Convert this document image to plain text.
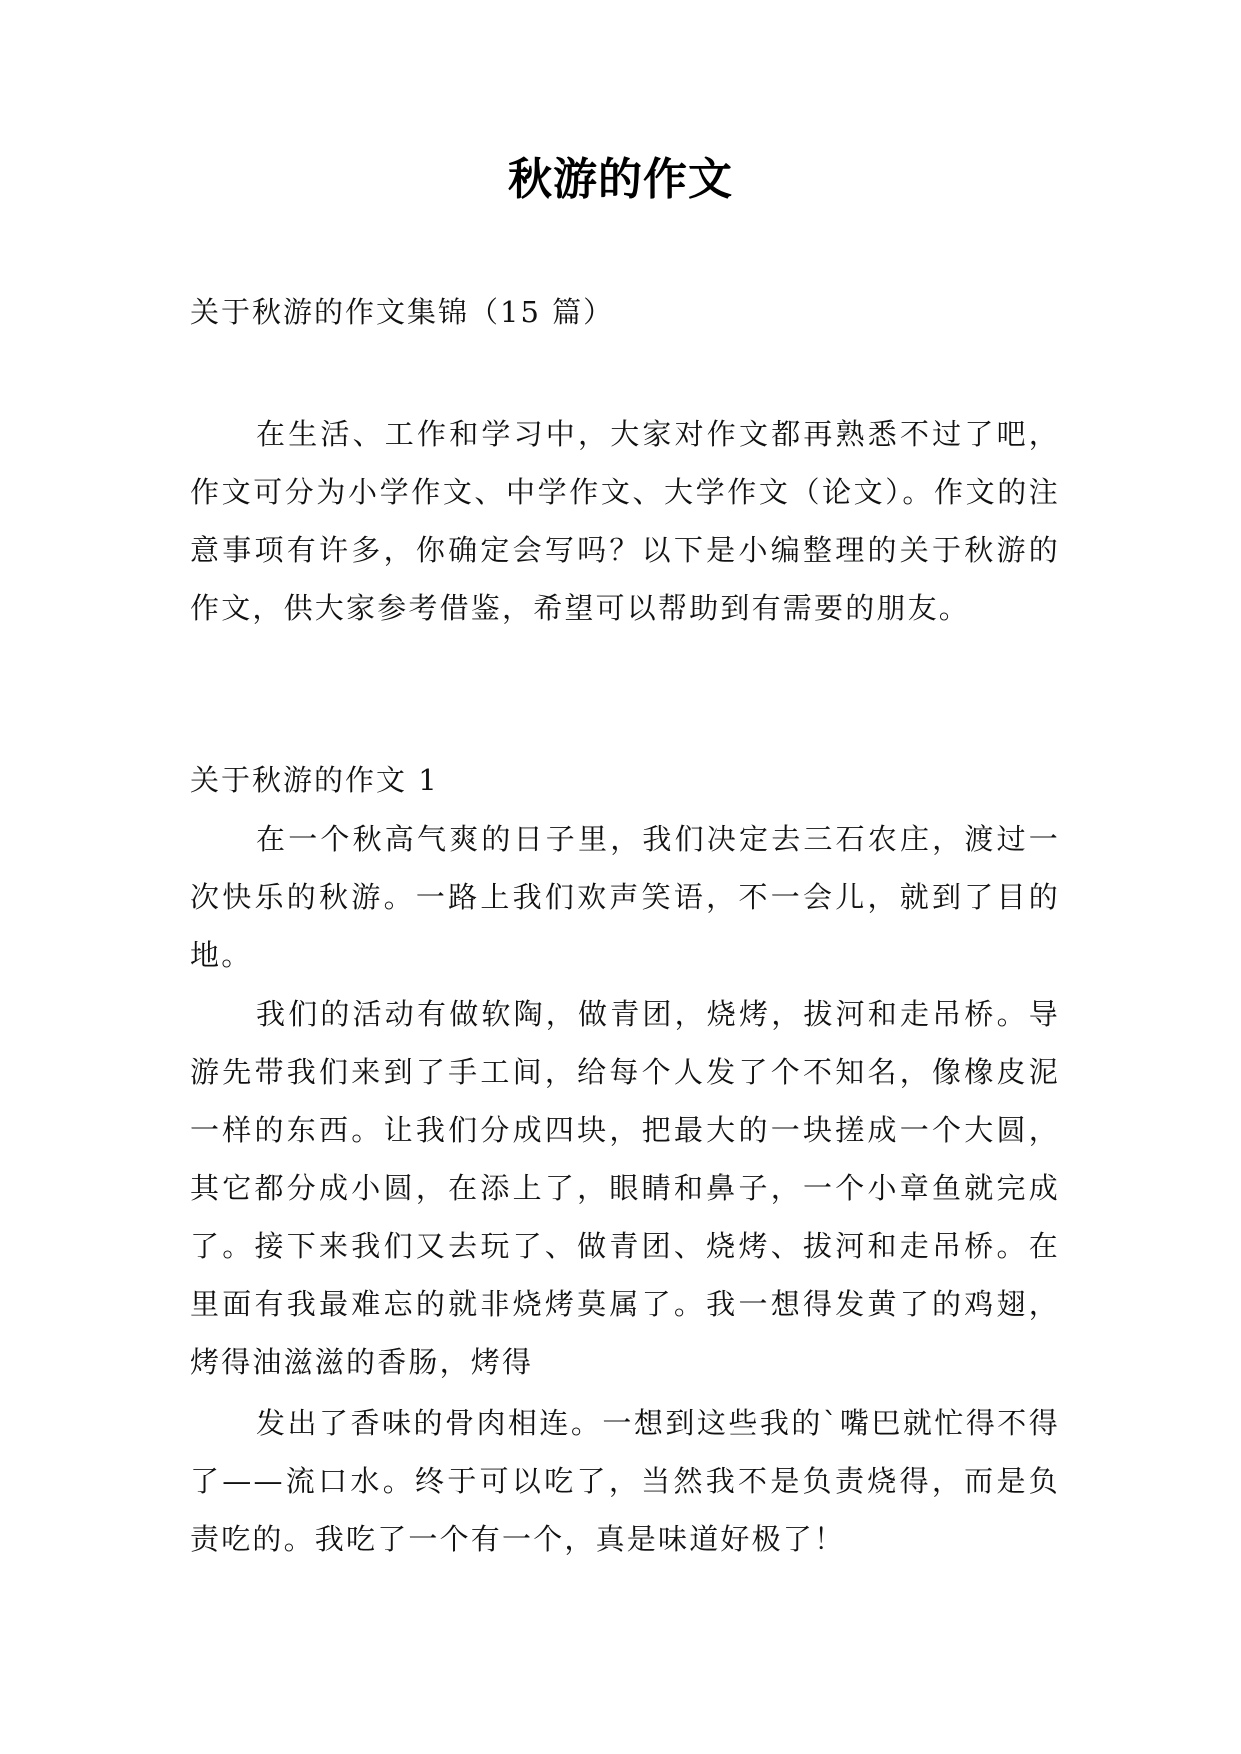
秋游的作文
关于秋游的作文集锦（15 篇）

在生活、工作和学习中，大家对作文都再熟悉不过了吧，作文可分为小学作文、中学作文、大学作文（论文）。作文的注意事项有许多，你确定会写吗？以下是小编整理的关于秋游的作文，供大家参考借鉴，希望可以帮助到有需要的朋友。

关于秋游的作文 1

在一个秋高气爽的日子里，我们决定去三石农庄，渡过一次快乐的秋游。一路上我们欢声笑语，不一会儿，就到了目的地。

我们的活动有做软陶，做青团，烧烤，拔河和走吊桥。导游先带我们来到了手工间，给每个人发了个不知名，像橡皮泥一样的东西。让我们分成四块，把最大的一块搓成一个大圆，其它都分成小圆，在添上了，眼睛和鼻子，一个小章鱼就完成了。接下来我们又去玩了、做青团、烧烤、拔河和走吊桥。在里面有我最难忘的就非烧烤莫属了。我一想得发黄了的鸡翅，烤得油滋滋的香肠，烤得

发出了香味的骨肉相连。一想到这些我的`嘴巴就忙得不得了——流口水。终于可以吃了，当然我不是负责烧得，而是负责吃的。我吃了一个有一个，真是味道好极了！
